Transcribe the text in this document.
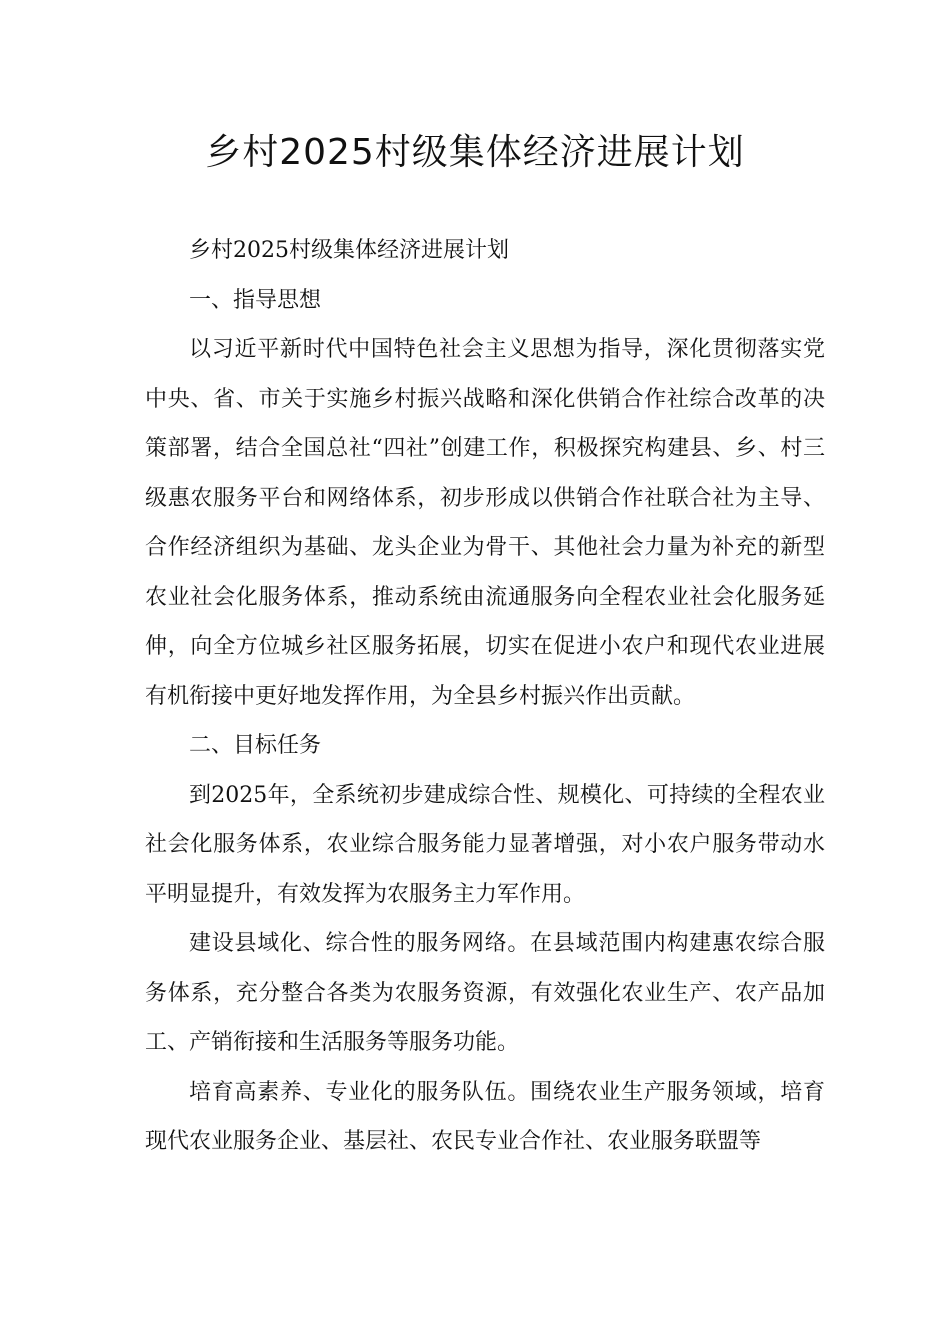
乡村2025村级集体经济进展计划

乡村2025村级集体经济进展计划

一、指导思想

以习近平新时代中国特色社会主义思想为指导，深化贯彻落实党中央、省、市关于实施乡村振兴战略和深化供销合作社综合改革的决策部署，结合全国总社“四社”创建工作，积极探究构建县、乡、村三级惠农服务平台和网络体系，初步形成以供销合作社联合社为主导、合作经济组织为基础、龙头企业为骨干、其他社会力量为补充的新型农业社会化服务体系，推动系统由流通服务向全程农业社会化服务延伸，向全方位城乡社区服务拓展，切实在促进小农户和现代农业进展有机衔接中更好地发挥作用，为全县乡村振兴作出贡献。

二、目标任务

到2025年，全系统初步建成综合性、规模化、可持续的全程农业社会化服务体系，农业综合服务能力显著增强，对小农户服务带动水平明显提升，有效发挥为农服务主力军作用。

建设县域化、综合性的服务网络。在县域范围内构建惠农综合服务体系，充分整合各类为农服务资源，有效强化农业生产、农产品加工、产销衔接和生活服务等服务功能。

培育高素养、专业化的服务队伍。围绕农业生产服务领域，培育现代农业服务企业、基层社、农民专业合作社、农业服务联盟等
